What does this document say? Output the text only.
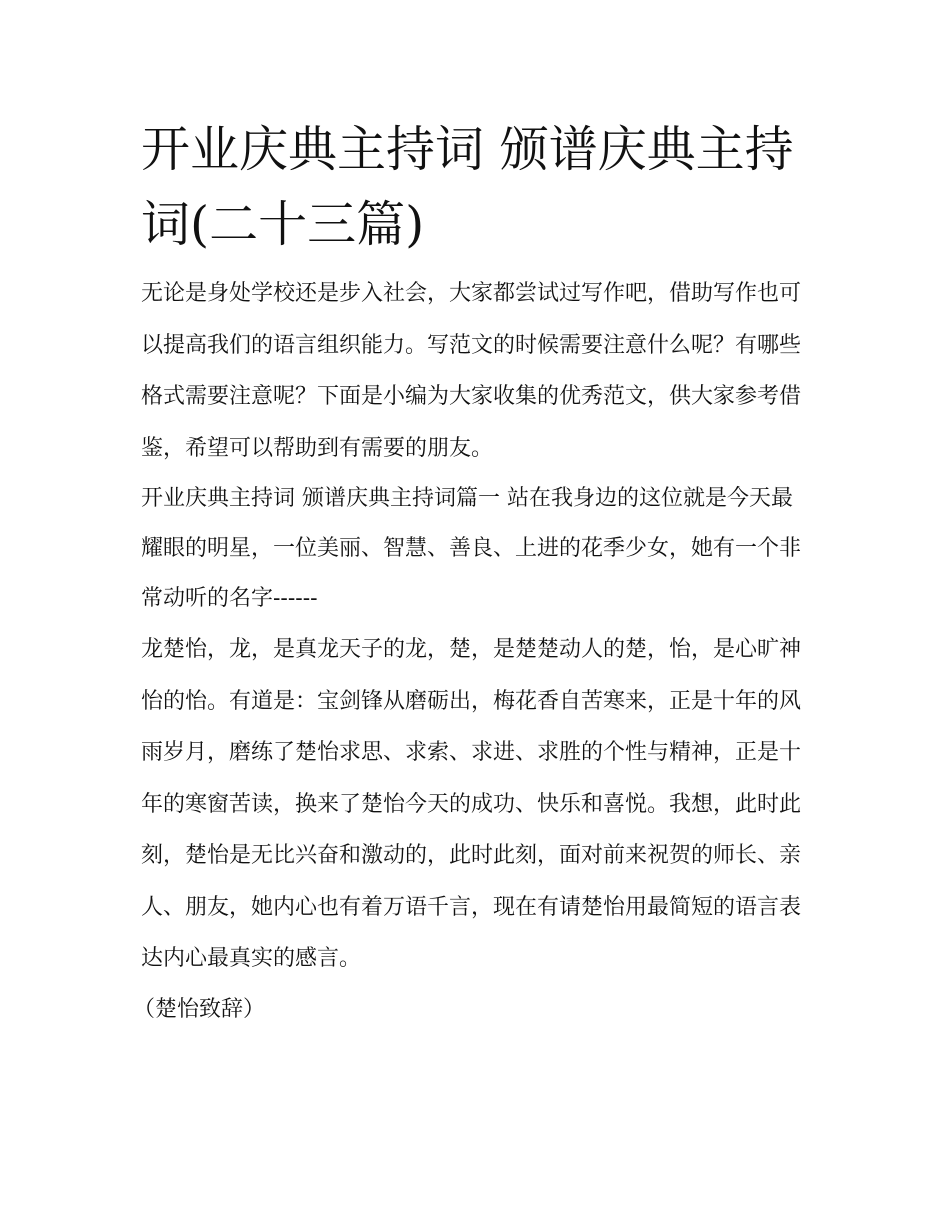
开业庆典主持词 颁谱庆典主持词(二十三篇)

无论是身处学校还是步入社会，大家都尝试过写作吧，借助写作也可以提高我们的语言组织能力。写范文的时候需要注意什么呢？有哪些格式需要注意呢？下面是小编为大家收集的优秀范文，供大家参考借鉴，希望可以帮助到有需要的朋友。

开业庆典主持词 颁谱庆典主持词篇一 站在我身边的这位就是今天最耀眼的明星，一位美丽、智慧、善良、上进的花季少女，她有一个非常动听的名字------

龙楚怡，龙，是真龙天子的龙，楚，是楚楚动人的楚，怡，是心旷神怡的怡。有道是：宝剑锋从磨砺出，梅花香自苦寒来，正是十年的风雨岁月，磨练了楚怡求思、求索、求进、求胜的个性与精神，正是十年的寒窗苦读，换来了楚怡今天的成功、快乐和喜悦。我想，此时此刻，楚怡是无比兴奋和激动的，此时此刻，面对前来祝贺的师长、亲人、朋友，她内心也有着万语千言，现在有请楚怡用最简短的语言表达内心最真实的感言。

（楚怡致辞）
